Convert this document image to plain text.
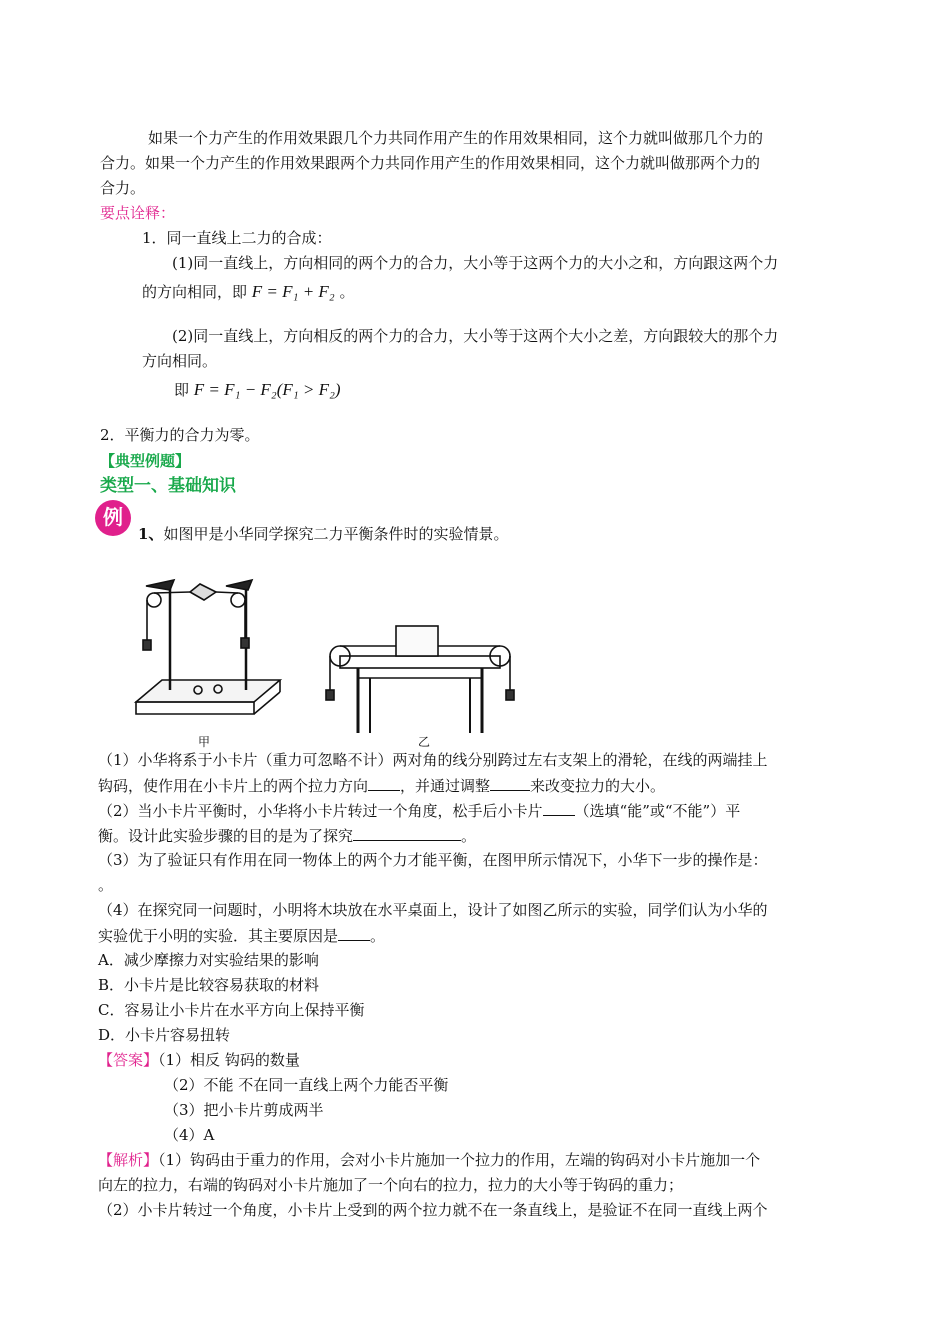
如果一个力产生的作用效果跟几个力共同作用产生的作用效果相同，这个力就叫做那几个力的
合力。如果一个力产生的作用效果跟两个力共同作用产生的作用效果相同，这个力就叫做那两个力的
合力。
要点诠释：
1．同一直线上二力的合成：
(1)同一直线上，方向相同的两个力的合力，大小等于这两个力的大小之和，方向跟这两个力
的方向相同，即 F = F₁ + F₂ 。
(2)同一直线上，方向相反的两个力的合力，大小等于这两个大小之差，方向跟较大的那个力
方向相同。
即 F = F₁ − F₂(F₁ > F₂)
2．平衡力的合力为零。
【典型例题】
类型一、基础知识
例
1、如图甲是小华同学探究二力平衡条件时的实验情景。
甲	乙
（1）小华将系于小卡片（重力可忽略不计）两对角的线分别跨过左右支架上的滑轮，在线的两端挂上
钩码，使作用在小卡片上的两个拉力方向 ，并通过调整	来改变拉力的大小。
（2）当小卡片平衡时，小华将小卡片转过一个角度，松手后小卡片 （选填“能”或“不能”）平
衡。设计此实验步骤的目的是为了探究	。
（3）为了验证只有作用在同一物体上的两个力才能平衡，在图甲所示情况下，小华下一步的操作是：
。
（4）在探究同一问题时，小明将木块放在水平桌面上，设计了如图乙所示的实验，同学们认为小华的
实验优于小明的实验．其主要原因是 。
A．减少摩擦力对实验结果的影响
B．小卡片是比较容易获取的材料
C．容易让小卡片在水平方向上保持平衡
D．小卡片容易扭转
【答案】（1）相反 钩码的数量
（2）不能 不在同一直线上两个力能否平衡
（3）把小卡片剪成两半
（4）A
【解析】（1）钩码由于重力的作用，会对小卡片施加一个拉力的作用，左端的钩码对小卡片施加一个
向左的拉力，右端的钩码对小卡片施加了一个向右的拉力，拉力的大小等于钩码的重力；
（2）小卡片转过一个角度，小卡片上受到的两个拉力就不在一条直线上，是验证不在同一直线上两个
